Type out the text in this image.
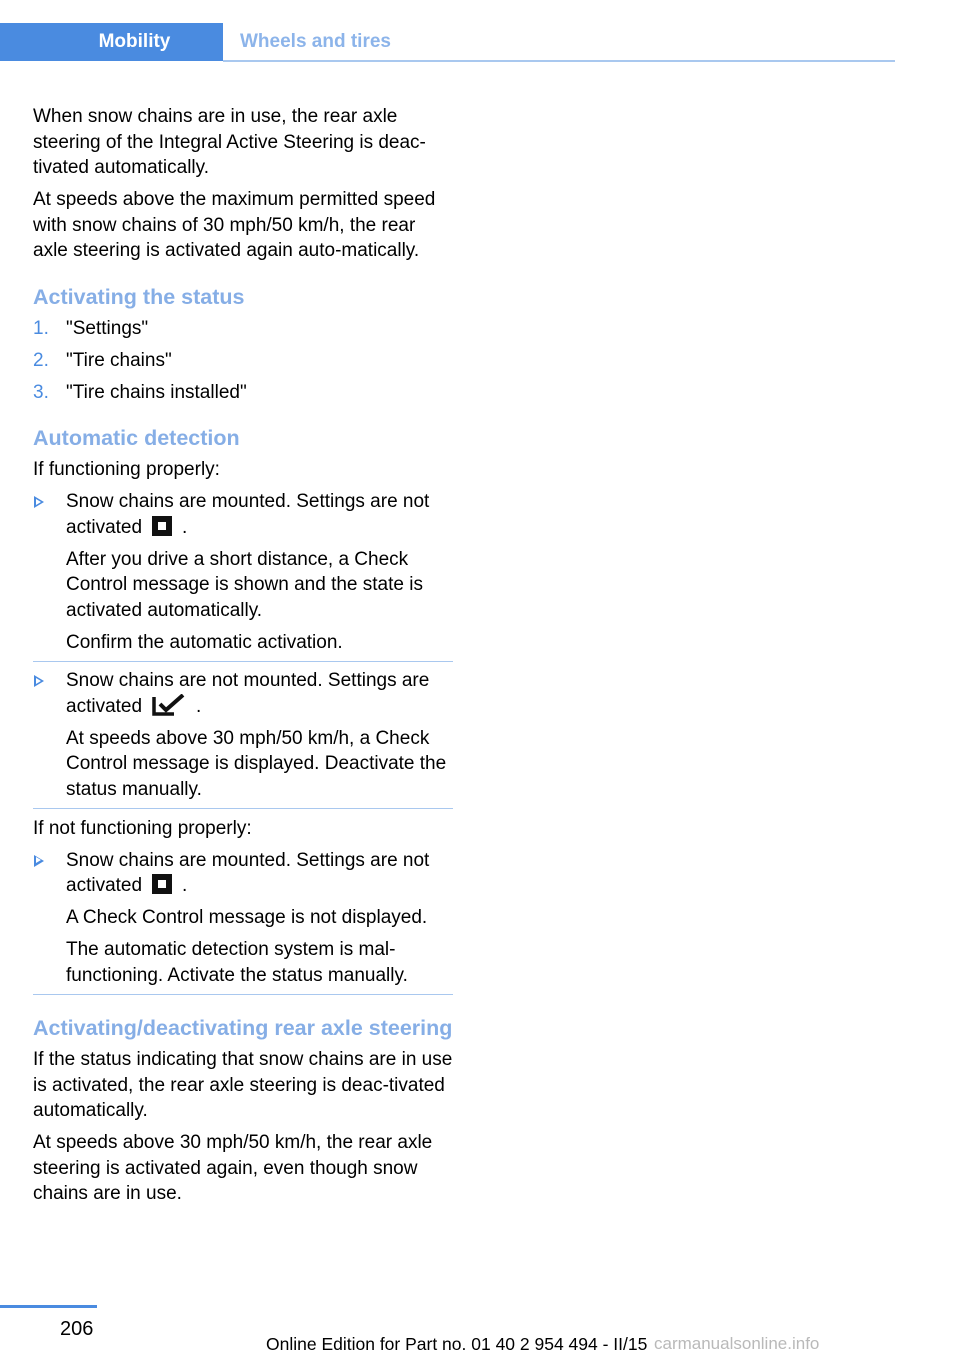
Mobility	Wheels and tires

When snow chains are in use, the rear axle steering of the Integral Active Steering is deac‐tivated automatically.

At speeds above the maximum permitted speed with snow chains of 30 mph/50 km/h, the rear axle steering is activated again auto‐matically.

Activating the status
1. "Settings"
2. "Tire chains"
3. "Tire chains installed"
Automatic detection

If functioning properly:

Snow chains are mounted. Settings are not activated .

After you drive a short distance, a Check Control message is shown and the state is activated automatically.

Confirm the automatic activation.

Snow chains are not mounted. Settings are activated	.

At speeds above 30 mph/50 km/h, a Check Control message is displayed. Deactivate the status manually.

If not functioning properly:

Snow chains are mounted. Settings are not activated .

A Check Control message is not displayed.

The automatic detection system is mal‐functioning. Activate the status manually.

Activating/deactivating rear axle steering

If the status indicating that snow chains are in use is activated, the rear axle steering is deac‐tivated automatically.

At speeds above 30 mph/50 km/h, the rear axle steering is activated again, even though snow chains are in use.

206
Online Edition for Part no. 01 40 2 954 494 - II/15 carmanualsonline.info
